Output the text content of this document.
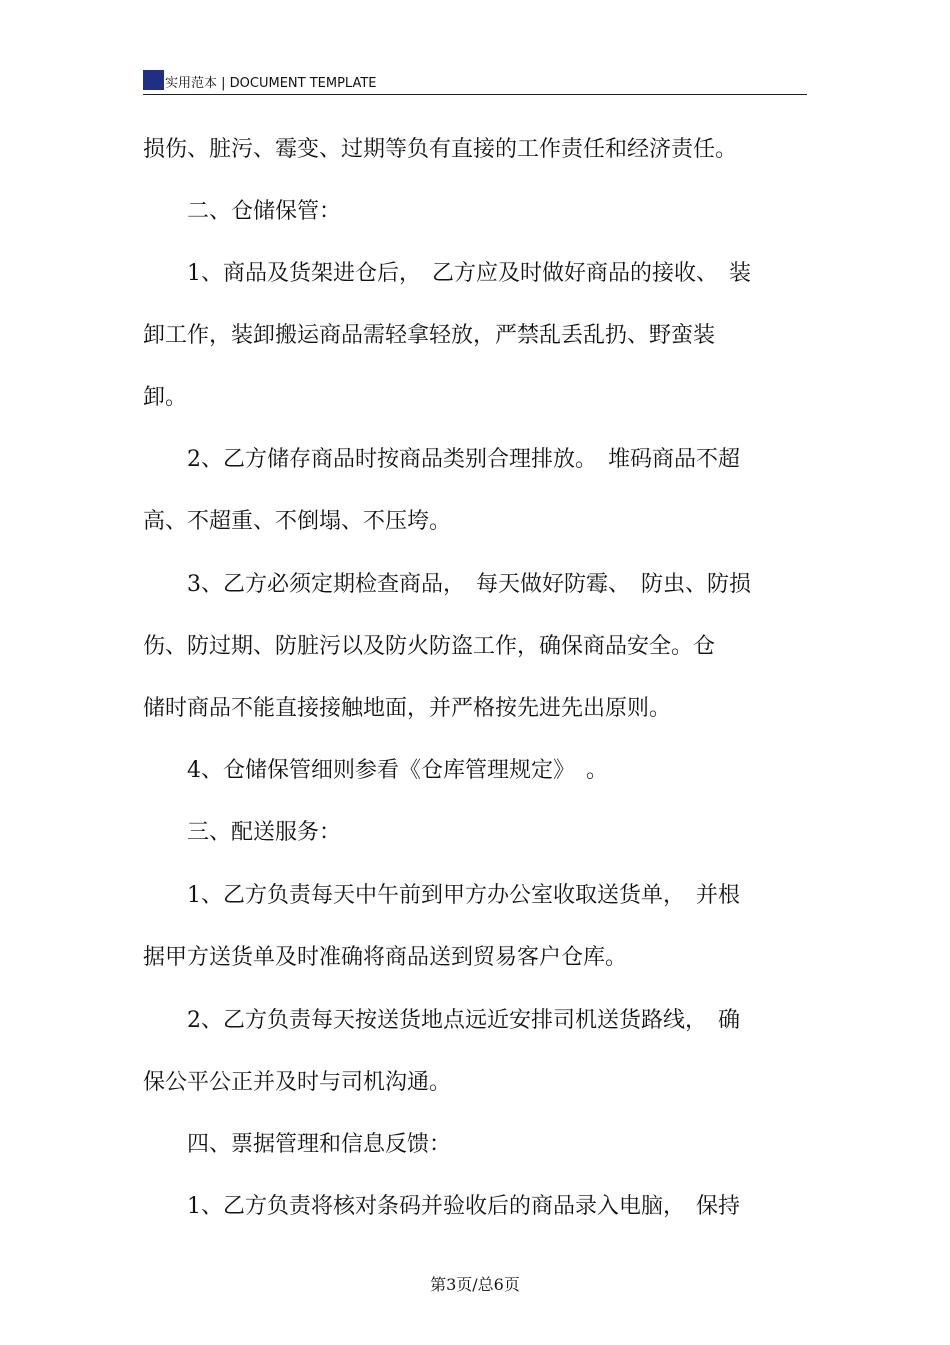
实用范本 | DOCUMENT TEMPLATE
损伤、脏污、霉变、过期等负有直接的工作责任和经济责任。
　　二、仓储保管：
　　1、商品及货架进仓后，　乙方应及时做好商品的接收、　装
卸工作，装卸搬运商品需轻拿轻放，严禁乱丢乱扔、野蛮装
卸。
　　2、乙方储存商品时按商品类别合理排放。　堆码商品不超
高、不超重、不倒塌、不压垮。
　　3、乙方必须定期检查商品，　每天做好防霉、　防虫、防损
伤、防过期、防脏污以及防火防盗工作，确保商品安全。仓
储时商品不能直接接触地面，并严格按先进先出原则。
　　4、仓储保管细则参看《仓库管理规定》　。
　　三、配送服务：
　　1、乙方负责每天中午前到甲方办公室收取送货单，　并根
据甲方送货单及时准确将商品送到贸易客户仓库。
　　2、乙方负责每天按送货地点远近安排司机送货路线，　确
保公平公正并及时与司机沟通。
　　四、票据管理和信息反馈：
　　1、乙方负责将核对条码并验收后的商品录入电脑，　保持
第3页/总6页
